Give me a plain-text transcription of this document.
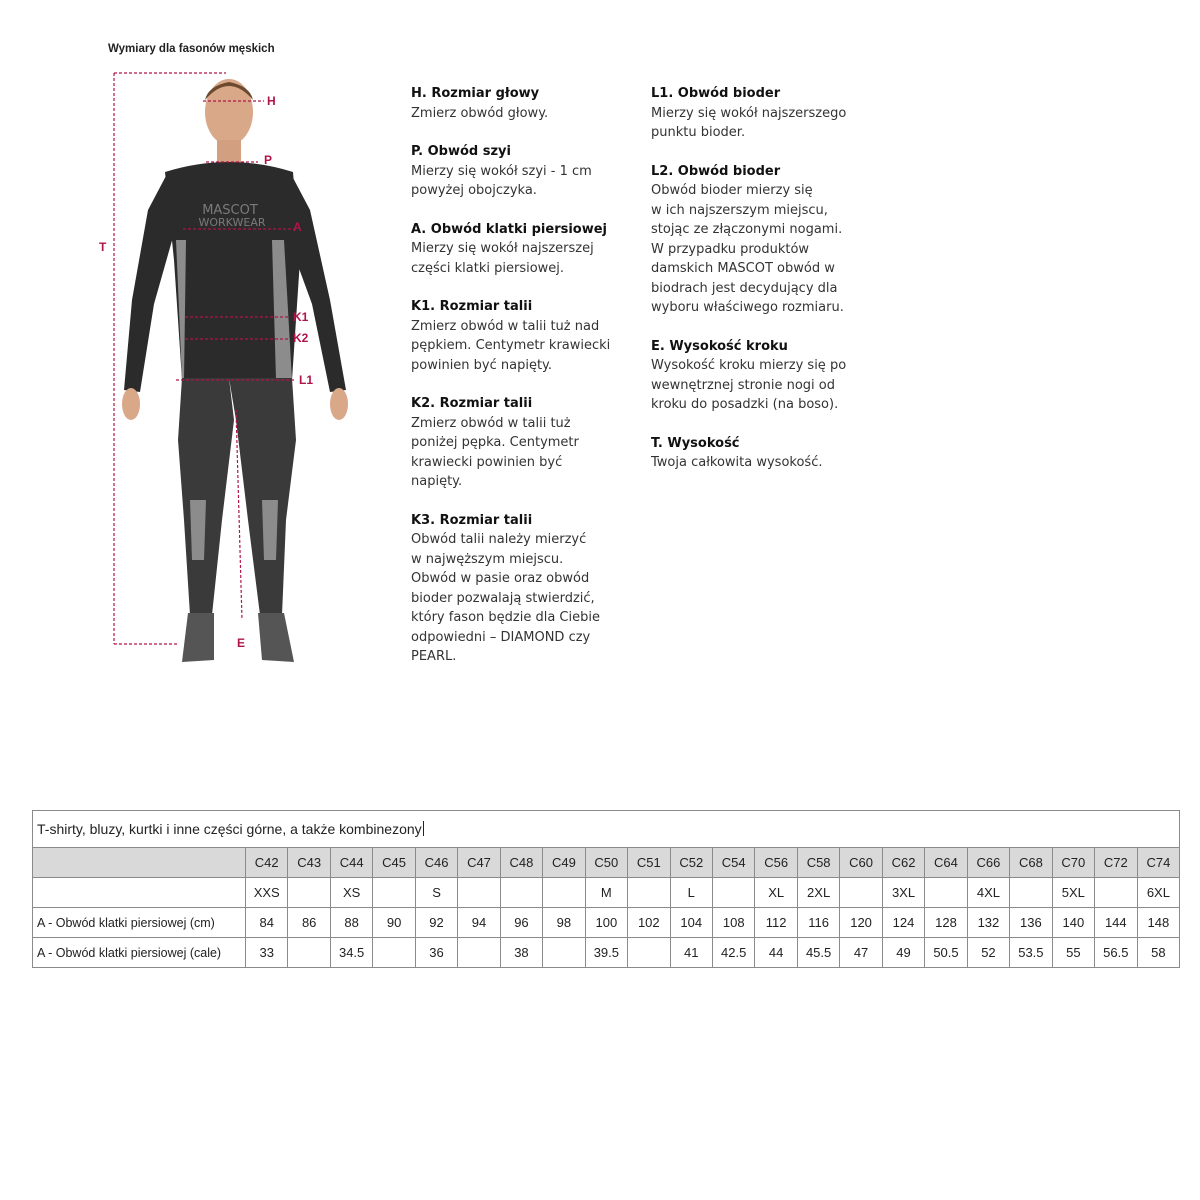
Wymiary dla fasonów męskich
MASCOT
WORKWEAR
H
P
T
A
K1
K2
L1
E
H. Rozmiar głowy
Zmierz obwód głowy.
P. Obwód szyi
Mierzy się wokół szyi - 1 cm
powyżej obojczyka.
A. Obwód klatki piersiowej
Mierzy się wokół najszerszej
części klatki piersiowej.
K1. Rozmiar talii
Zmierz obwód w talii tuż nad
pępkiem. Centymetr krawiecki
powinien być napięty.
K2. Rozmiar talii
Zmierz obwód w talii tuż
poniżej pępka. Centymetr
krawiecki powinien być
napięty.
K3. Rozmiar talii
Obwód talii należy mierzyć
w najwęższym miejscu.
Obwód w pasie oraz obwód
bioder pozwalają stwierdzić,
który fason będzie dla Ciebie
odpowiedni – DIAMOND czy
PEARL.
L1. Obwód bioder
Mierzy się wokół najszerszego
punktu bioder.
L2. Obwód bioder
Obwód bioder mierzy się
w ich najszerszym miejscu,
stojąc ze złączonymi nogami.
W przypadku produktów
damskich MASCOT obwód w
biodrach jest decydujący dla
wyboru właściwego rozmiaru.
E. Wysokość kroku
Wysokość kroku mierzy się po
wewnętrznej stronie nogi od
kroku do posadzki (na boso).
T. Wysokość
Twoja całkowita wysokość.
T-shirty, bluzy, kurtki i inne części górne, a także kombinezony																						
	C42	C43	C44	C45	C46	C47	C48	C49	C50	C51	C52	C54	C56	C58	C60	C62	C64	C66	C68	C70	C72	C74
	XXS		XS		S				M		L		XL	2XL		3XL		4XL		5XL		6XL
A - Obwód klatki piersiowej (cm)	84	86	88	90	92	94	96	98	100	102	104	108	112	116	120	124	128	132	136	140	144	148
A - Obwód klatki piersiowej (cale)	33		34.5		36		38		39.5		41	42.5	44	45.5	47	49	50.5	52	53.5	55	56.5	58
